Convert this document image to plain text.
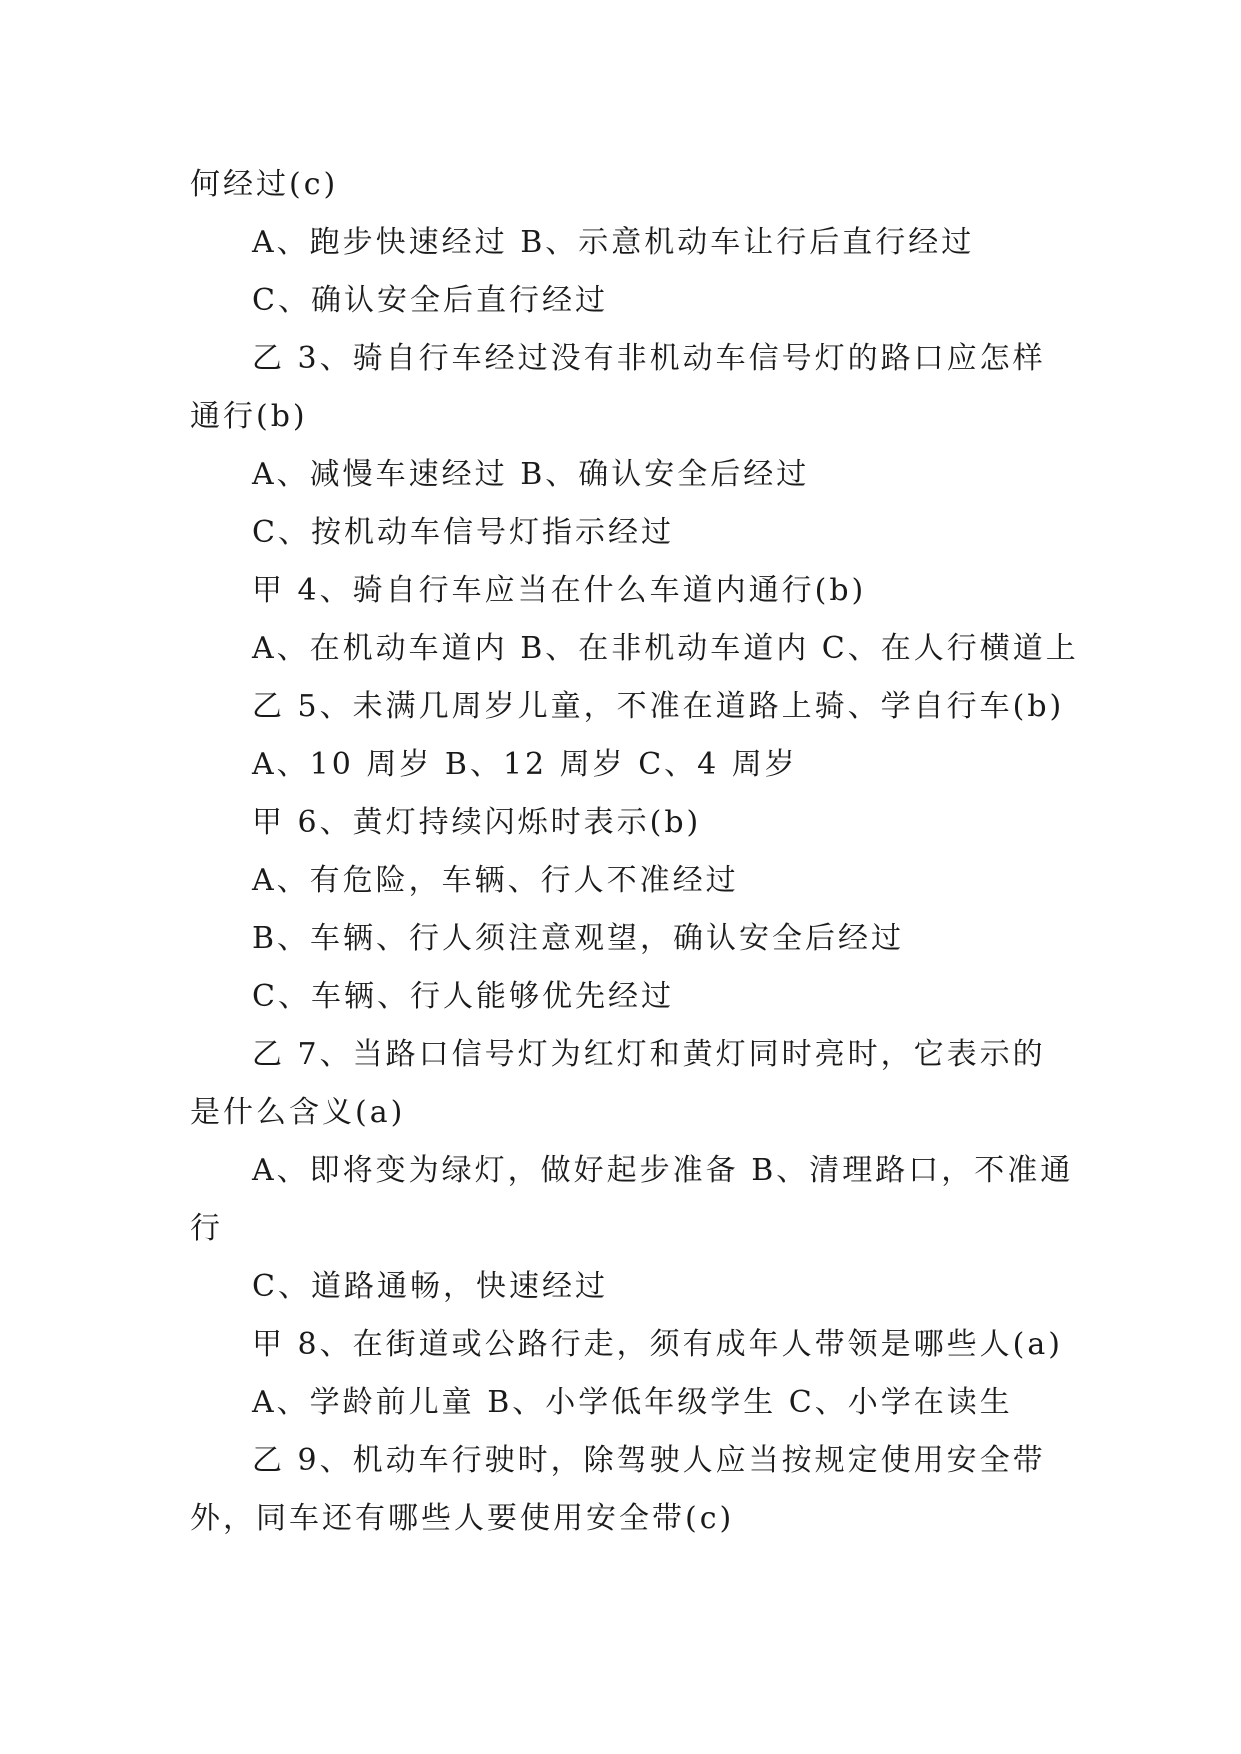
何经过(c)
A、跑步快速经过 B、示意机动车让行后直行经过
C、确认安全后直行经过
乙 3、骑自行车经过没有非机动车信号灯的路口应怎样
通行(b)
A、减慢车速经过 B、确认安全后经过
C、按机动车信号灯指示经过
甲 4、骑自行车应当在什么车道内通行(b)
A、在机动车道内 B、在非机动车道内 C、在人行横道上
乙 5、未满几周岁儿童，不准在道路上骑、学自行车(b)
A、10 周岁 B、12 周岁 C、4 周岁
甲 6、黄灯持续闪烁时表示(b)
A、有危险，车辆、行人不准经过
B、车辆、行人须注意观望，确认安全后经过
C、车辆、行人能够优先经过
乙 7、当路口信号灯为红灯和黄灯同时亮时，它表示的
是什么含义(a)
A、即将变为绿灯，做好起步准备 B、清理路口，不准通
行
C、道路通畅，快速经过
甲 8、在街道或公路行走，须有成年人带领是哪些人(a)
A、学龄前儿童 B、小学低年级学生 C、小学在读生
乙 9、机动车行驶时，除驾驶人应当按规定使用安全带
外，同车还有哪些人要使用安全带(c)
